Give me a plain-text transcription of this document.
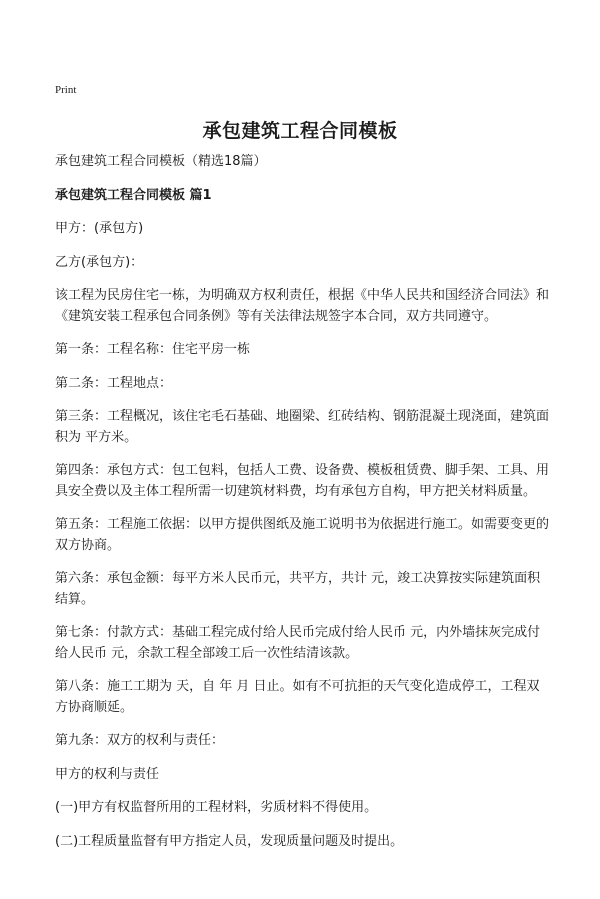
Print
承包建筑工程合同模板

承包建筑工程合同模板（精选18篇）

承包建筑工程合同模板 篇1

甲方：(承包方)

乙方(承包方)：

该工程为民房住宅一栋，为明确双方权利责任，根据《中华人民共和国经济合同法》和《建筑安装工程承包合同条例》等有关法律法规签字本合同，双方共同遵守。

第一条：工程名称：住宅平房一栋

第二条：工程地点：

第三条：工程概况，该住宅毛石基础、地圈梁、红砖结构、钢筋混凝土现浇面，建筑面积为 平方米。

第四条：承包方式：包工包料，包括人工费、设备费、模板租赁费、脚手架、工具、用具安全费以及主体工程所需一切建筑材料费，均有承包方自构，甲方把关材料质量。

第五条：工程施工依据：以甲方提供图纸及施工说明书为依据进行施工。如需要变更的双方协商。

第六条：承包金额：每平方米人民币元，共平方，共计 元，竣工决算按实际建筑面积结算。

第七条：付款方式：基础工程完成付给人民币完成付给人民币 元，内外墙抹灰完成付给人民币 元，余款工程全部竣工后一次性结清该款。

第八条：施工工期为 天，自 年 月 日止。如有不可抗拒的天气变化造成停工，工程双方协商顺延。

第九条：双方的权利与责任：

甲方的权利与责任

(一)甲方有权监督所用的工程材料，劣质材料不得使用。

(二)工程质量监督有甲方指定人员，发现质量问题及时提出。
